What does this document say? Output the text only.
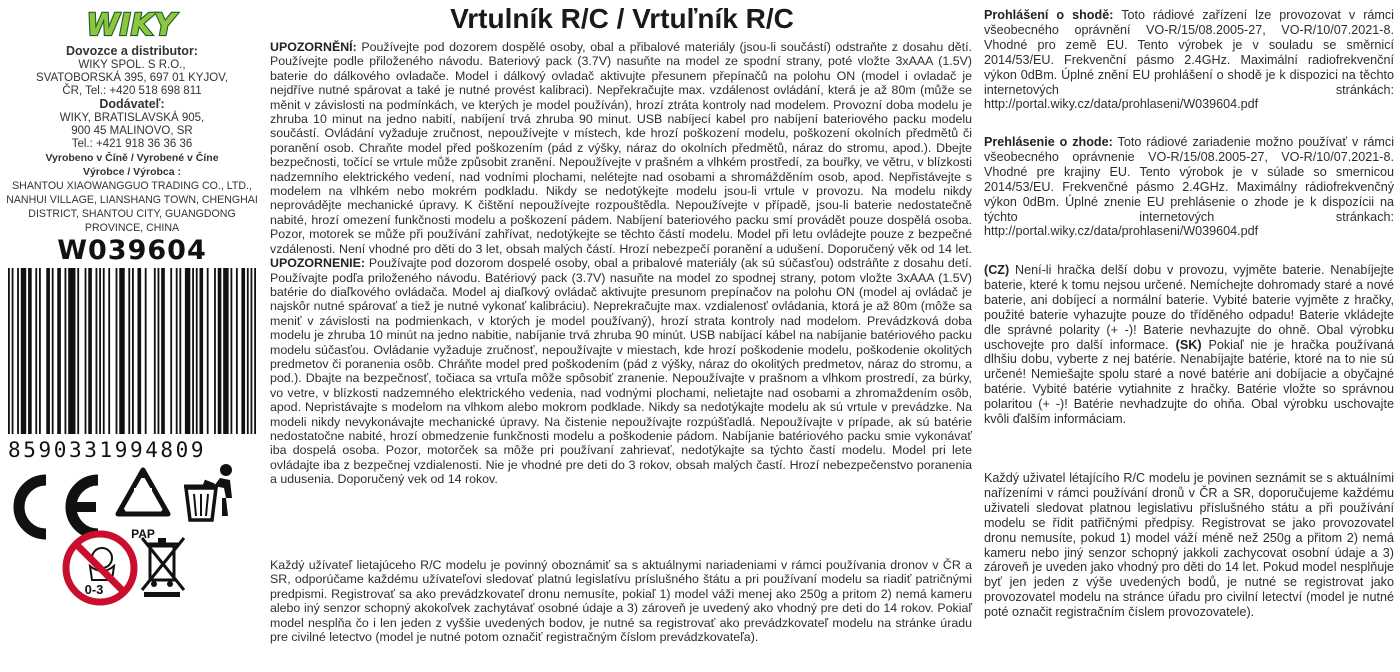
WIKY
Dovozce a distributor:
WIKY SPOL. S R.O.,
SVATOBORSKÁ 395, 697 01 KYJOV,
ČR, Tel.: +420 518 698 811
Dodávateľ:
WIKY, BRATISLAVSKÁ 905,
900 45 MALINOVO, SR
Tel.: +421 918 36 36 36
Vyrobeno v Číně / Vyrobené v Číne
Výrobce / Výrobca :
SHANTOU XIAOWANGGUO TRADING CO., LTD.,
NANHUI VILLAGE, LIANSHANG TOWN, CHENGHAI
DISTRICT, SHANTOU CITY, GUANGDONG
PROVINCE, CHINA
W039604
8590331994809
CE
PAP
0-3
Vrtulník R/C / Vrtuľník R/C
UPOZORNĚNÍ: Používejte pod dozorem dospělé osoby, obal a přibalové materiály (jsou-li součástí) odstraňte z dosahu dětí. Používejte podle přiloženého návodu. Bateriový pack (3.7V) nasuňte na model ze spodní strany, poté vložte 3xAAA (1.5V) baterie do dálkového ovladače. Model i dálkový ovladač aktivujte přesunem přepínačů na polohu ON (model i ovladač je nejdříve nutné spárovat a také je nutné provést kalibraci). Nepřekračujte max. vzdálenost ovládání, která je až 80m (může se měnit v závislosti na podmínkách, ve kterých je model používán), hrozí ztráta kontroly nad modelem. Provozní doba modelu je zhruba 10 minut na jedno nabití, nabíjení trvá zhruba 90 minut. USB nabíjecí kabel pro nabíjení bateriového packu modelu součástí. Ovládání vyžaduje zručnost, nepoužívejte v místech, kde hrozí poškození modelu, poškození okolních předmětů či poranění osob. Chraňte model před poškozením (pád z výšky, náraz do okolních předmětů, náraz do stromu, apod.). Dbejte bezpečnosti, točící se vrtule může způsobit zranění. Nepoužívejte v prašném a vlhkém prostředí, za bouřky, ve větru, v blízkosti nadzemního elektrického vedení, nad vodními plochami, nelétejte nad osobami a shromážděním osob, apod. Nepřistávejte s modelem na vlhkém nebo mokrém podkladu. Nikdy se nedotýkejte modelu jsou-li vrtule v provozu. Na modelu nikdy neprovádějte mechanické úpravy. K čištění nepoužívejte rozpouštědla. Nepoužívejte v případě, jsou-li baterie nedostatečně nabité, hrozí omezení funkčnosti modelu a poškození pádem. Nabíjení bateriového packu smí provádět pouze dospělá osoba. Pozor, motorek se může při používání zahřívat, nedotýkejte se těchto částí modelu. Model při letu ovládejte pouze z bezpečné vzdálenosti. Není vhodné pro děti do 3 let, obsah malých částí. Hrozí nebezpečí poranění a udušení. Doporučený věk od 14 let. UPOZORNENIE: Používajte pod dozorom dospelé osoby, obal a pribalové materiály (ak sú súčasťou) odstráňte z dosahu detí. Používajte podľa priloženého návodu. Batériový pack (3.7V) nasuňte na model zo spodnej strany, potom vložte 3xAAA (1.5V) batérie do diaľkového ovládača. Model aj diaľkový ovládač aktivujte presunom prepínačov na polohu ON (model aj ovládač je najskôr nutné spárovať a tiež je nutné vykonať kalibráciu). Neprekračujte max. vzdialenosť ovládania, ktorá je až 80m (môže sa meniť v závislosti na podmienkach, v ktorých je model používaný), hrozí strata kontroly nad modelom. Prevádzková doba modelu je zhruba 10 minút na jedno nabitie, nabíjanie trvá zhruba 90 minút. USB nabíjací kábel na nabíjanie batériového packu modelu súčasťou. Ovládanie vyžaduje zručnosť, nepoužívajte v miestach, kde hrozí poškodenie modelu, poškodenie okolitých predmetov či poranenia osôb. Chráňte model pred poškodením (pád z výšky, náraz do okolitých predmetov, náraz do stromu, a pod.). Dbajte na bezpečnosť, točiaca sa vrtuľa môže spôsobiť zranenie. Nepoužívajte v prašnom a vlhkom prostredí, za búrky, vo vetre, v blízkosti nadzemného elektrického vedenia, nad vodnými plochami, nelietajte nad osobami a zhromaždením osôb, apod. Nepristávajte s modelom na vlhkom alebo mokrom podklade. Nikdy sa nedotýkajte modelu ak sú vrtule v prevádzke. Na modeli nikdy nevykonávajte mechanické úpravy. Na čistenie nepoužívajte rozpúšťadlá. Nepoužívajte v prípade, ak sú batérie nedostatočne nabité, hrozí obmedzenie funkčnosti modelu a poškodenie pádom. Nabíjanie batériového packu smie vykonávať iba dospelá osoba. Pozor, motorček sa môže pri používaní zahrievať, nedotýkajte sa týchto častí modelu. Model pri lete ovládajte iba z bezpečnej vzdialenosti. Nie je vhodné pre deti do 3 rokov, obsah malých častí. Hrozí nebezpečenstvo poranenia a udusenia. Doporučený vek od 14 rokov.
Každý užívateľ lietajúceho R/C modelu je povinný oboznámiť sa s aktuálnymi nariadeniami v rámci používania dronov v ČR a SR, odporúčame každému užívateľovi sledovať platnú legislatívu príslušného štátu a pri používaní modelu sa riadiť patričnými predpismi. Registrovať sa ako prevádzkovateľ dronu nemusíte, pokiaľ 1) model váži menej ako 250g a pritom 2) nemá kameru alebo iný senzor schopný akokoľvek zachytávať osobné údaje a 3) zároveň je uvedený ako vhodný pre deti do 14 rokov. Pokiaľ model nesplňa čo i len jeden z vyššie uvedených bodov, je nutné sa registrovať ako prevádzkovateľ modelu na stránke úradu pre civilné letectvo (model je nutné potom označiť registračným číslom prevádzkovateľa).
Prohlášení o shodě: Toto rádiové zařízení lze provozovat v rámci všeobecného oprávnění VO-R/15/08.2005-27, VO-R/10/07.2021-8. Vhodné pro země EU. Tento výrobek je v souladu se směrnicí 2014/53/EU. Frekvenční pásmo 2.4GHz. Maximální radiofrekvenční výkon 0dBm. Úplné znění EU prohlášení o shodě je k dispozici na těchto internetových stránkách: http://portal.wiky.cz/data/prohlaseni/W039604.pdf
Prehlásenie o zhode: Toto rádiové zariadenie možno používať v rámci všeobecného oprávnenie VO-R/15/08.2005-27, VO-R/10/07.2021-8. Vhodné pre krajiny EU. Tento výrobok je v súlade so smernicou 2014/53/EU. Frekvenčné pásmo 2.4GHz. Maximálny rádiofrekvenčný výkon 0dBm. Úplné znenie EU prehlásenie o zhode je k dispozícii na týchto internetových stránkach: http://portal.wiky.cz/data/prohlaseni/W039604.pdf
(CZ) Není-li hračka delší dobu v provozu, vyjměte baterie. Nenabíjejte baterie, které k tomu nejsou určené. Nemíchejte dohromady staré a nové baterie, ani dobíjecí a normální baterie. Vybité baterie vyjměte z hračky, použité baterie vyhazujte pouze do tříděného odpadu! Baterie vkládejte dle správné polarity (+ -)! Baterie nevhazujte do ohně. Obal výrobku uschovejte pro další informace. (SK) Pokiaľ nie je hračka používaná dlhšiu dobu, vyberte z nej batérie. Nenabíjajte batérie, ktoré na to nie sú určené! Nemiešajte spolu staré a nové batérie ani dobíjacie a obyčajné batérie. Vybité batérie vytiahnite z hračky. Batérie vložte so správnou polaritou (+ -)! Batérie nevhadzujte do ohňa. Obal výrobku uschovajte kvôli ďalším informáciam.
Každý uživatel létajícího R/C modelu je povinen seznámit se s aktuálními nařízeními v rámci používání dronů v ČR a SR, doporučujeme každému uživateli sledovat platnou legislativu příslušného státu a při používání modelu se řídit patřičnými předpisy. Registrovat se jako provozovatel dronu nemusíte, pokud 1) model váží méně než 250g a přitom 2) nemá kameru nebo jiný senzor schopný jakkoli zachycovat osobní údaje a 3) zároveň je uveden jako vhodný pro děti do 14 let. Pokud model nesplňuje byť jen jeden z výše uvedených bodů, je nutné se registrovat jako provozovatel modelu na stránce úřadu pro civilní letectví (model je nutné poté označit registračním číslem provozovatele).
